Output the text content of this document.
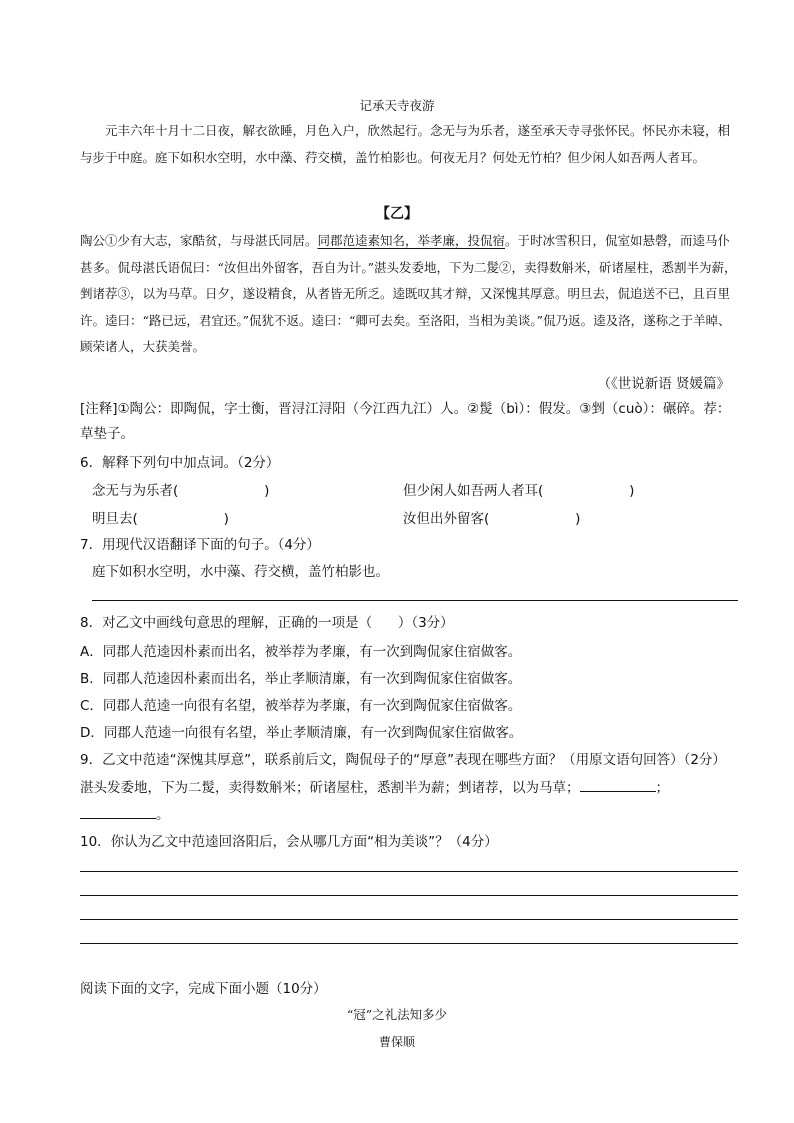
记承天寺夜游

元丰六年十月十二日夜，解衣欲睡，月色入户，欣然起行。念无与为乐者，遂至承天寺寻张怀民。怀民亦未寝，相与步于中庭。庭下如积水空明，水中藻、荇交横，盖竹柏影也。何夜无月？何处无竹柏？但少闲人如吾两人者耳。

【乙】

陶公①少有大志，家酷贫，与母湛氏同居。同郡范逵素知名，举孝廉，投侃宿。于时冰雪积日，侃室如悬磬，而逵马仆甚多。侃母湛氏语侃曰：“汝但出外留客，吾自为计。”湛头发委地，下为二髲②，卖得数斛米，斫诸屋柱，悉割半为薪，剉诸荐③，以为马草。日夕，遂设精食，从者皆无所乏。逵既叹其才辩，又深愧其厚意。明旦去，侃追送不已，且百里许。逵曰：“路已远，君宜还。”侃犹不返。逵曰：“卿可去矣。至洛阳，当相为美谈。”侃乃返。逵及洛，遂称之于羊晫、顾荣诸人，大获美誉。

（《世说新语 贤媛篇》
[注释]①陶公：即陶侃，字士衡，晋浔江浔阳（今江西九江）人。②髲（bì）：假发。③剉（cuò）：碾碎。荐：草垫子。
6．解释下列句中加点词。（2分）
念无与为乐者(                    )	但少闲人如吾两人者耳(                    )
明旦去(                    )	汝但出外留客(                    )
7．用现代汉语翻译下面的句子。（4分）
庭下如积水空明，水中藻、荇交横，盖竹柏影也。
8．对乙文中画线句意思的理解，正确的一项是（      ）（3分）
A．同郡人范逵因朴素而出名，被举荐为孝廉，有一次到陶侃家住宿做客。
B．同郡人范逵因朴素而出名，举止孝顺清廉，有一次到陶侃家住宿做客。
C．同郡人范逵一向很有名望，被举荐为孝廉，有一次到陶侃家住宿做客。
D．同郡人范逵一向很有名望，举止孝顺清廉，有一次到陶侃家住宿做客。
9．乙文中范逵“深愧其厚意”，联系前后文，陶侃母子的“厚意”表现在哪些方面？（用原文语句回答）（2分）
湛头发委地，下为二髲，卖得数斛米；斫诸屋柱，悉割半为薪；剉诸荐，以为马草；	；
。
10．你认为乙文中范逵回洛阳后，会从哪几方面“相为美谈”？（4分）
阅读下面的文字，完成下面小题（10分）
“冠”之礼法知多少
曹保顺
